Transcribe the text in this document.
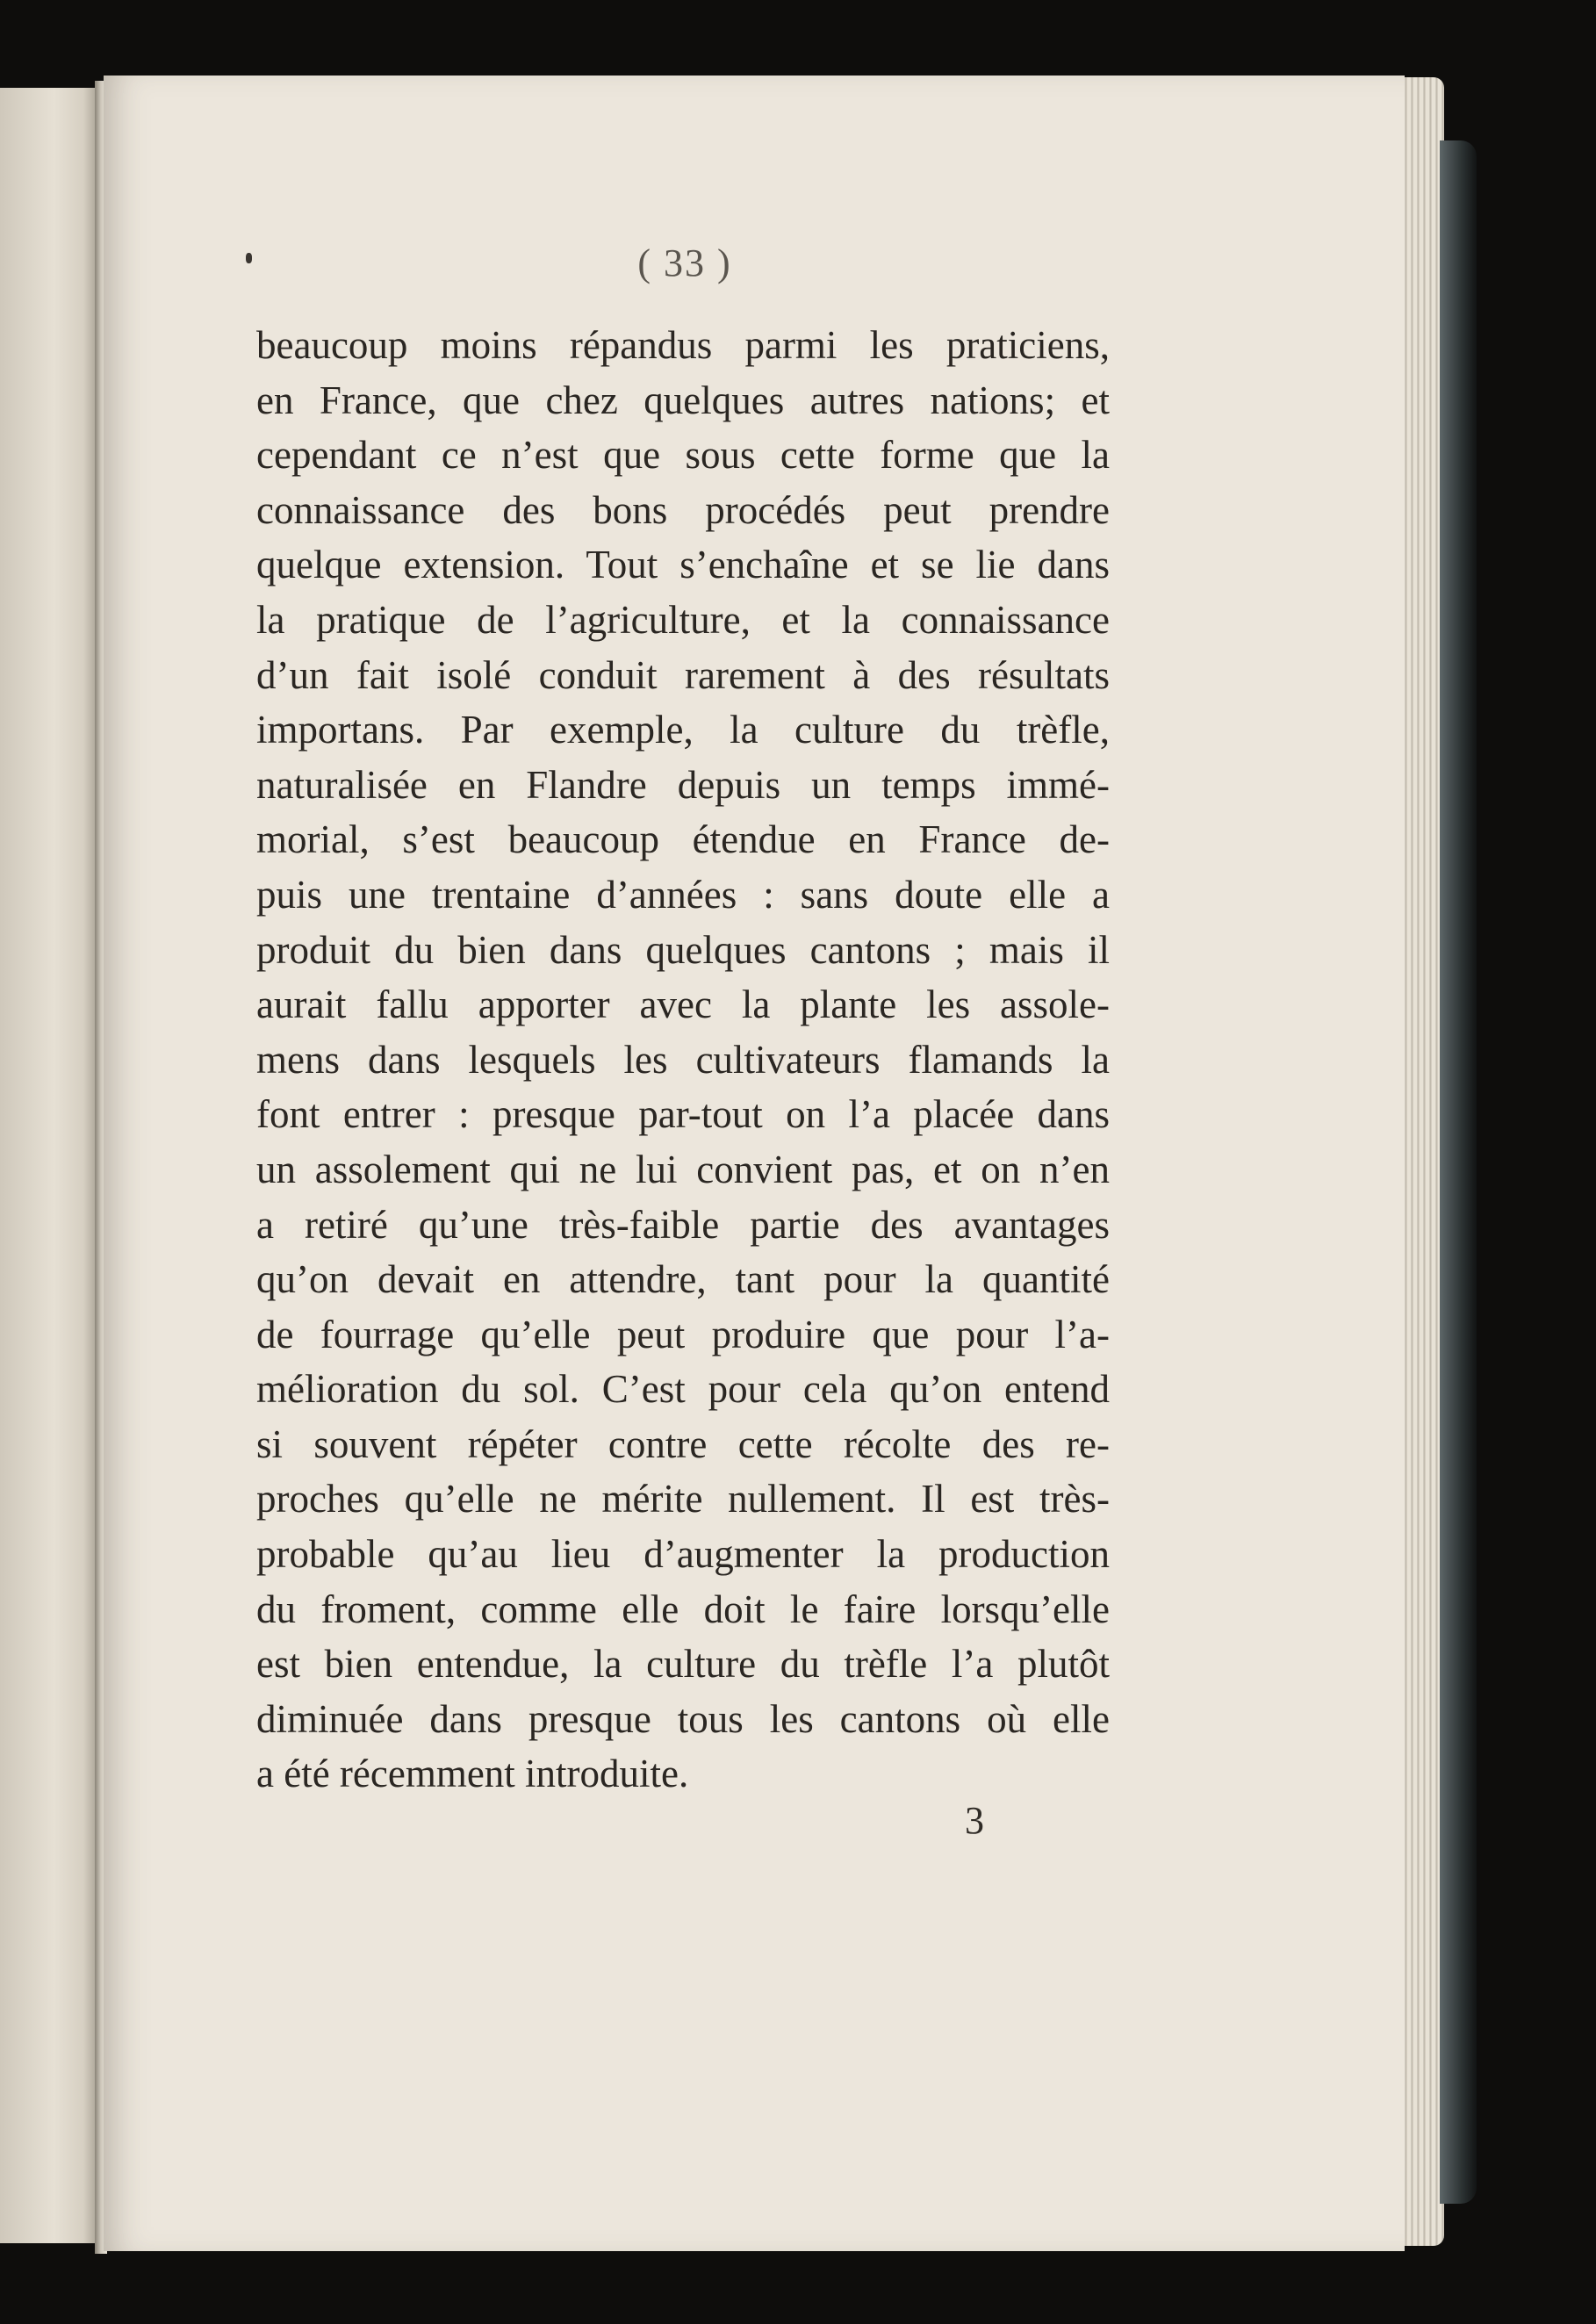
( 33 )
beaucoup moins répandus parmi les praticiens,
en France, que chez quelques autres nations; et
cependant ce n’est que sous cette forme que la
connaissance des bons procédés peut prendre
quelque extension. Tout s’enchaîne et se lie dans
la pratique de l’agriculture, et la connaissance
d’un fait isolé conduit rarement à des résultats
importans. Par exemple, la culture du trèfle,
naturalisée en Flandre depuis un temps immé-
morial, s’est beaucoup étendue en France de-
puis une trentaine d’années : sans doute elle a
produit du bien dans quelques cantons ; mais il
aurait fallu apporter avec la plante les assole-
mens dans lesquels les cultivateurs flamands la
font entrer : presque par-tout on l’a placée dans
un assolement qui ne lui convient pas, et on n’en
a retiré qu’une très-faible partie des avantages
qu’on devait en attendre, tant pour la quantité
de fourrage qu’elle peut produire que pour l’a-
mélioration du sol. C’est pour cela qu’on entend
si souvent répéter contre cette récolte des re-
proches qu’elle ne mérite nullement. Il est très-
probable qu’au lieu d’augmenter la production
du froment, comme elle doit le faire lorsqu’elle
est bien entendue, la culture du trèfle l’a plutôt
diminuée dans presque tous les cantons où elle
a été récemment introduite.
3
